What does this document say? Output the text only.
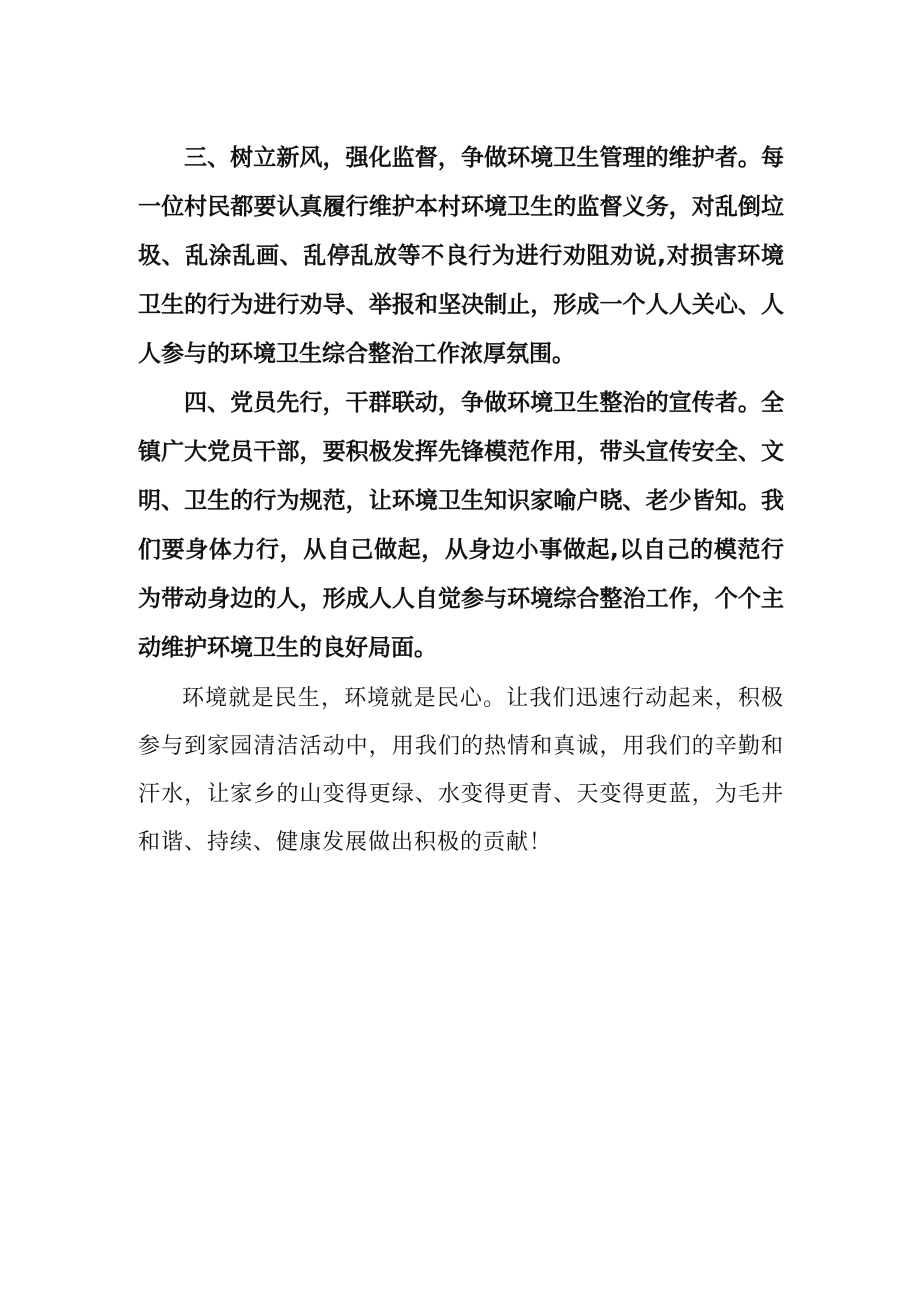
三、树立新风，强化监督，争做环境卫生管理的维护者。每一位村民都要认真履行维护本村环境卫生的监督义务，对乱倒垃圾、乱涂乱画、乱停乱放等不良行为进行劝阻劝说,对损害环境卫生的行为进行劝导、举报和坚决制止，形成一个人人关心、人人参与的环境卫生综合整治工作浓厚氛围。

四、党员先行，干群联动，争做环境卫生整治的宣传者。全镇广大党员干部，要积极发挥先锋模范作用，带头宣传安全、文明、卫生的行为规范，让环境卫生知识家喻户晓、老少皆知。我们要身体力行，从自己做起，从身边小事做起,以自己的模范行为带动身边的人，形成人人自觉参与环境综合整治工作，个个主动维护环境卫生的良好局面。

环境就是民生，环境就是民心。让我们迅速行动起来，积极参与到家园清洁活动中，用我们的热情和真诚，用我们的辛勤和汗水，让家乡的山变得更绿、水变得更青、天变得更蓝，为毛井和谐、持续、健康发展做出积极的贡献！
